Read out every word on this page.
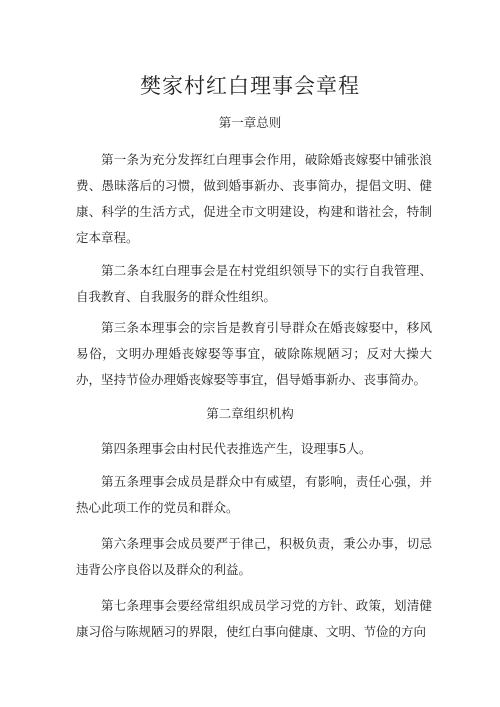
樊家村红白理事会章程
第一章总则

第一条为充分发挥红白理事会作用，破除婚丧嫁娶中铺张浪费、愚昧落后的习惯，做到婚事新办、丧事简办，提倡文明、健康、科学的生活方式，促进全市文明建设，构建和谐社会，特制定本章程。

第二条本红白理事会是在村党组织领导下的实行自我管理、自我教育、自我服务的群众性组织。

第三条本理事会的宗旨是教育引导群众在婚丧嫁娶中，移风易俗，文明办理婚丧嫁娶等事宜，破除陈规陋习；反对大操大办，坚持节俭办理婚丧嫁娶等事宜，倡导婚事新办、丧事简办。

第二章组织机构

第四条理事会由村民代表推选产生，设理事5人。

第五条理事会成员是群众中有威望，有影响，责任心强，并热心此项工作的党员和群众。

第六条理事会成员要严于律己，积极负责，秉公办事，切忌违背公序良俗以及群众的利益。

第七条理事会要经常组织成员学习党的方针、政策，划清健康习俗与陈规陋习的界限，使红白事向健康、文明、节俭的方向
